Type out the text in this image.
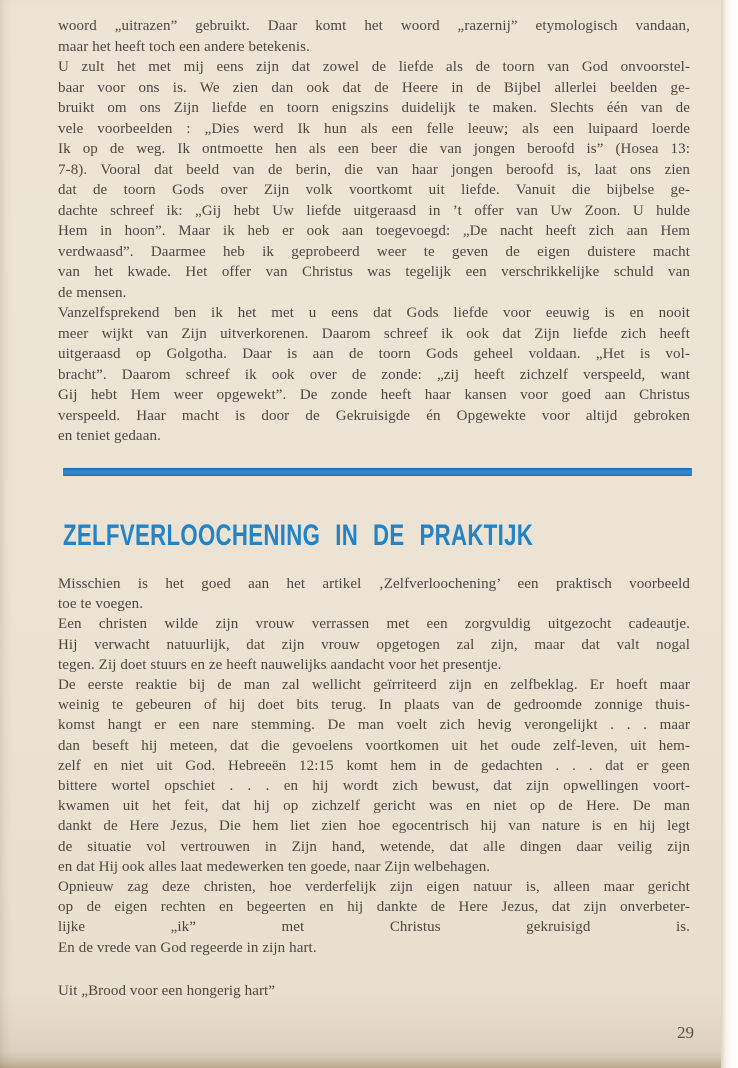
woord „uitrazen” gebruikt. Daar komt het woord „razernij” etymologisch vandaan,
maar het heeft toch een andere betekenis.
U zult het met mij eens zijn dat zowel de liefde als de toorn van God onvoorstel-
baar voor ons is. We zien dan ook dat de Heere in de Bijbel allerlei beelden ge-
bruikt om ons Zijn liefde en toorn enigszins duidelijk te maken. Slechts één van de
vele voorbeelden : „Dies werd Ik hun als een felle leeuw; als een luipaard loerde
Ik op de weg. Ik ontmoette hen als een beer die van jongen beroofd is” (Hosea 13:
7-8). Vooral dat beeld van de berin, die van haar jongen beroofd is, laat ons zien
dat de toorn Gods over Zijn volk voortkomt uit liefde. Vanuit die bijbelse ge-
dachte schreef ik: „Gij hebt Uw liefde uitgeraasd in ’t offer van Uw Zoon. U hulde
Hem in hoon”. Maar ik heb er ook aan toegevoegd: „De nacht heeft zich aan Hem
verdwaasd”. Daarmee heb ik geprobeerd weer te geven de eigen duistere macht
van het kwade. Het offer van Christus was tegelijk een verschrikkelijke schuld van
de mensen.
Vanzelfsprekend ben ik het met u eens dat Gods liefde voor eeuwig is en nooit
meer wijkt van Zijn uitverkorenen. Daarom schreef ik ook dat Zijn liefde zich heeft
uitgeraasd op Golgotha. Daar is aan de toorn Gods geheel voldaan. „Het is vol-
bracht”. Daarom schreef ik ook over de zonde: „zij heeft zichzelf verspeeld, want
Gij hebt Hem weer opgewekt”. De zonde heeft haar kansen voor goed aan Christus
verspeeld. Haar macht is door de Gekruisigde én Opgewekte voor altijd gebroken
en teniet gedaan.
ZELFVERLOOCHENING IN DE PRAKTIJK
Misschien is het goed aan het artikel ‚Zelfverloochening’ een praktisch voorbeeld
toe te voegen.
Een christen wilde zijn vrouw verrassen met een zorgvuldig uitgezocht cadeautje.
Hij verwacht natuurlijk, dat zijn vrouw opgetogen zal zijn, maar dat valt nogal
tegen. Zij doet stuurs en ze heeft nauwelijks aandacht voor het presentje.
De eerste reaktie bij de man zal wellicht geïrriteerd zijn en zelfbeklag. Er hoeft maar
weinig te gebeuren of hij doet bits terug. In plaats van de gedroomde zonnige thuis-
komst hangt er een nare stemming. De man voelt zich hevig verongelijkt . . . maar
dan beseft hij meteen, dat die gevoelens voortkomen uit het oude zelf-leven, uit hem-
zelf en niet uit God. Hebreeën 12:15 komt hem in de gedachten . . . dat er geen
bittere wortel opschiet . . . en hij wordt zich bewust, dat zijn opwellingen voort-
kwamen uit het feit, dat hij op zichzelf gericht was en niet op de Here. De man
dankt de Here Jezus, Die hem liet zien hoe egocentrisch hij van nature is en hij legt
de situatie vol vertrouwen in Zijn hand, wetende, dat alle dingen daar veilig zijn
en dat Hij ook alles laat medewerken ten goede, naar Zijn welbehagen.
Opnieuw zag deze christen, hoe verderfelijk zijn eigen natuur is, alleen maar gericht
op de eigen rechten en begeerten en hij dankte de Here Jezus, dat zijn onverbeter-
lijke „ik” met Christus gekruisigd is.
En de vrede van God regeerde in zijn hart.
Uit „Brood voor een hongerig hart”
29
